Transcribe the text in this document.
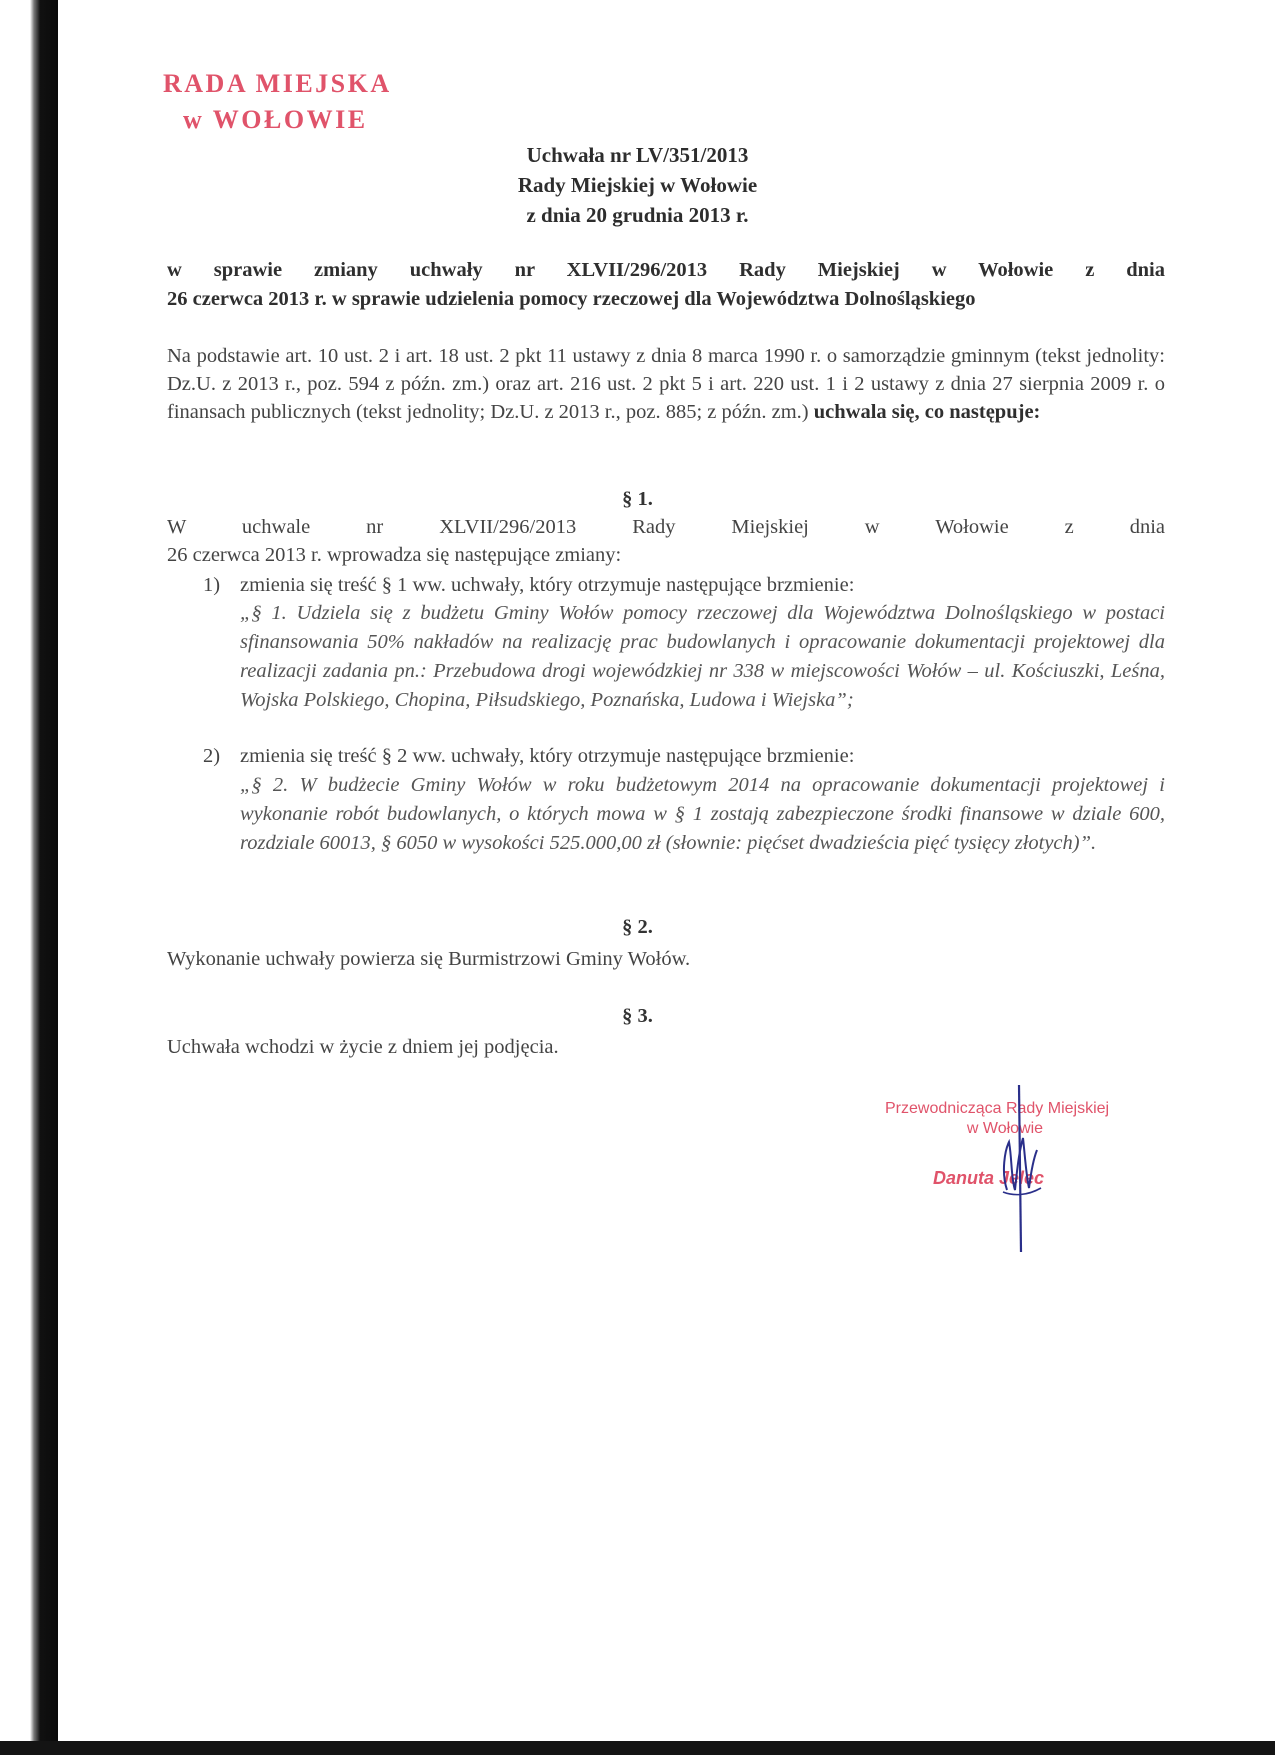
RADA MIEJSKA
w WOŁOWIE
Uchwała nr LV/351/2013
Rady Miejskiej w Wołowie
z dnia 20 grudnia 2013 r.
w sprawie zmiany uchwały nr XLVII/296/2013 Rady Miejskiej w Wołowie z dnia
26 czerwca 2013 r. w sprawie udzielenia pomocy rzeczowej dla Województwa Dolnośląskiego
Na podstawie art. 10 ust. 2 i art. 18 ust. 2 pkt 11 ustawy z dnia 8 marca 1990 r. o samorządzie gminnym (tekst jednolity: Dz.U. z 2013 r., poz. 594 z późn. zm.) oraz art. 216 ust. 2 pkt 5 i art. 220 ust. 1 i 2 ustawy z dnia 27 sierpnia 2009 r. o finansach publicznych (tekst jednolity; Dz.U. z 2013 r., poz. 885; z późn. zm.) uchwala się, co następuje:
§ 1.
W uchwale nr XLVII/296/2013 Rady Miejskiej w Wołowie z dnia
26 czerwca 2013 r. wprowadza się następujące zmiany:
1) zmienia się treść § 1 ww. uchwały, który otrzymuje następujące brzmienie:
„§ 1. Udziela się z budżetu Gminy Wołów pomocy rzeczowej dla Województwa Dolnośląskiego w postaci sfinansowania 50% nakładów na realizację prac budowlanych i opracowanie dokumentacji projektowej dla realizacji zadania pn.: Przebudowa drogi wojewódzkiej nr 338 w miejscowości Wołów – ul. Kościuszki, Leśna, Wojska Polskiego, Chopina, Piłsudskiego, Poznańska, Ludowa i Wiejska”;
2) zmienia się treść § 2 ww. uchwały, który otrzymuje następujące brzmienie:
„§ 2. W budżecie Gminy Wołów w roku budżetowym 2014 na opracowanie dokumentacji projektowej i wykonanie robót budowlanych, o których mowa w § 1 zostają zabezpieczone środki finansowe w dziale 600, rozdziale 60013, § 6050 w wysokości 525.000,00 zł (słownie: pięćset dwadzieścia pięć tysięcy złotych)”.
§ 2.
Wykonanie uchwały powierza się Burmistrzowi Gminy Wołów.
§ 3.
Uchwała wchodzi w życie z dniem jej podjęcia.
Przewodnicząca Rady Miejskiej
w Wołowie
Danuta Jelec
